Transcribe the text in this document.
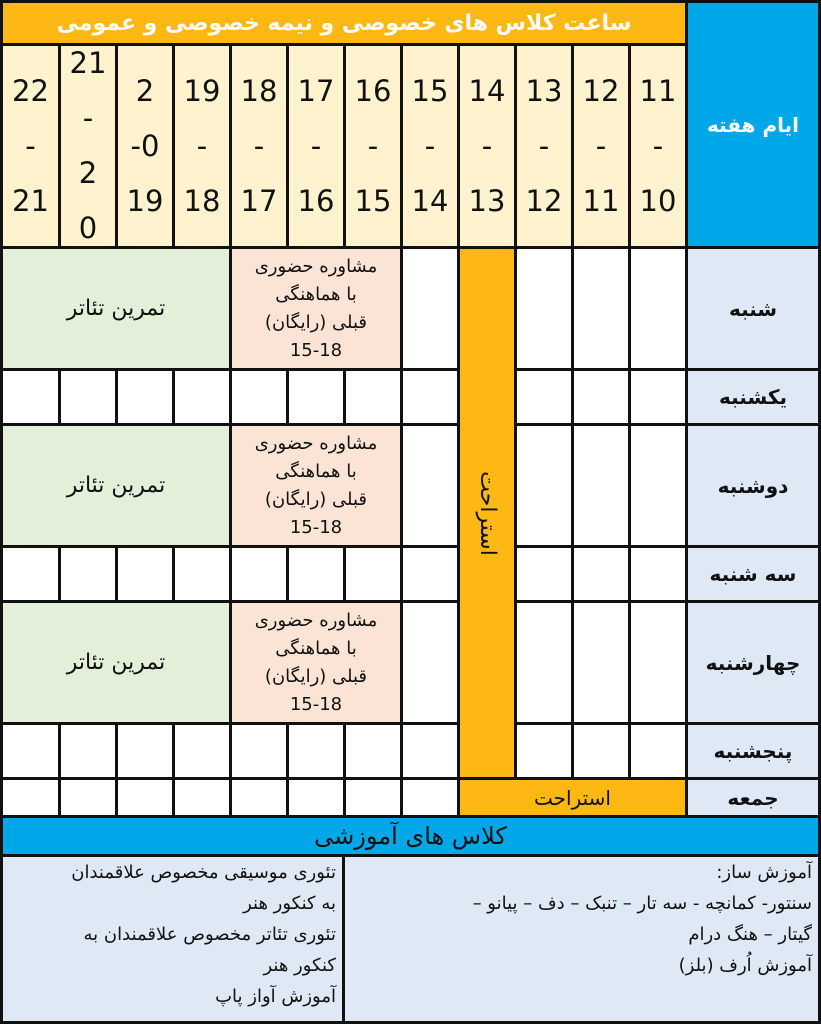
ساعت کلاس های خصوصی و نیمه خصوصی و عمومی
ایام هفته
11
-
10
12
-
11
13
-
12
14
-
13
15
-
14
16
-
15
17
-
16
18
-
17
19
-
18
2
-0
19
21
-
2
0
22
-
21
شنبه
یکشنبه
دوشنبه
سه شنبه
چهارشنبه
پنجشنبه
جمعه
استراحت
مشاوره حضوری
با هماهنگی
قبلی (رایگان)
15-18
تمرین تئاتر
مشاوره حضوری
با هماهنگی
قبلی (رایگان)
15-18
تمرین تئاتر
مشاوره حضوری
با هماهنگی
قبلی (رایگان)
15-18
تمرین تئاتر
استراحت
کلاس های آموزشی
آموزش ساز:
سنتور- کمانچه - سه تار – تنبک – دف – پیانو –
گیتار – هنگ درام
آموزش اُرف (بلز)
تئوری موسیقی مخصوص علاقمندان
به کنکور هنر
تئوری تئاتر مخصوص علاقمندان به
کنکور هنر
آموزش آواز پاپ
